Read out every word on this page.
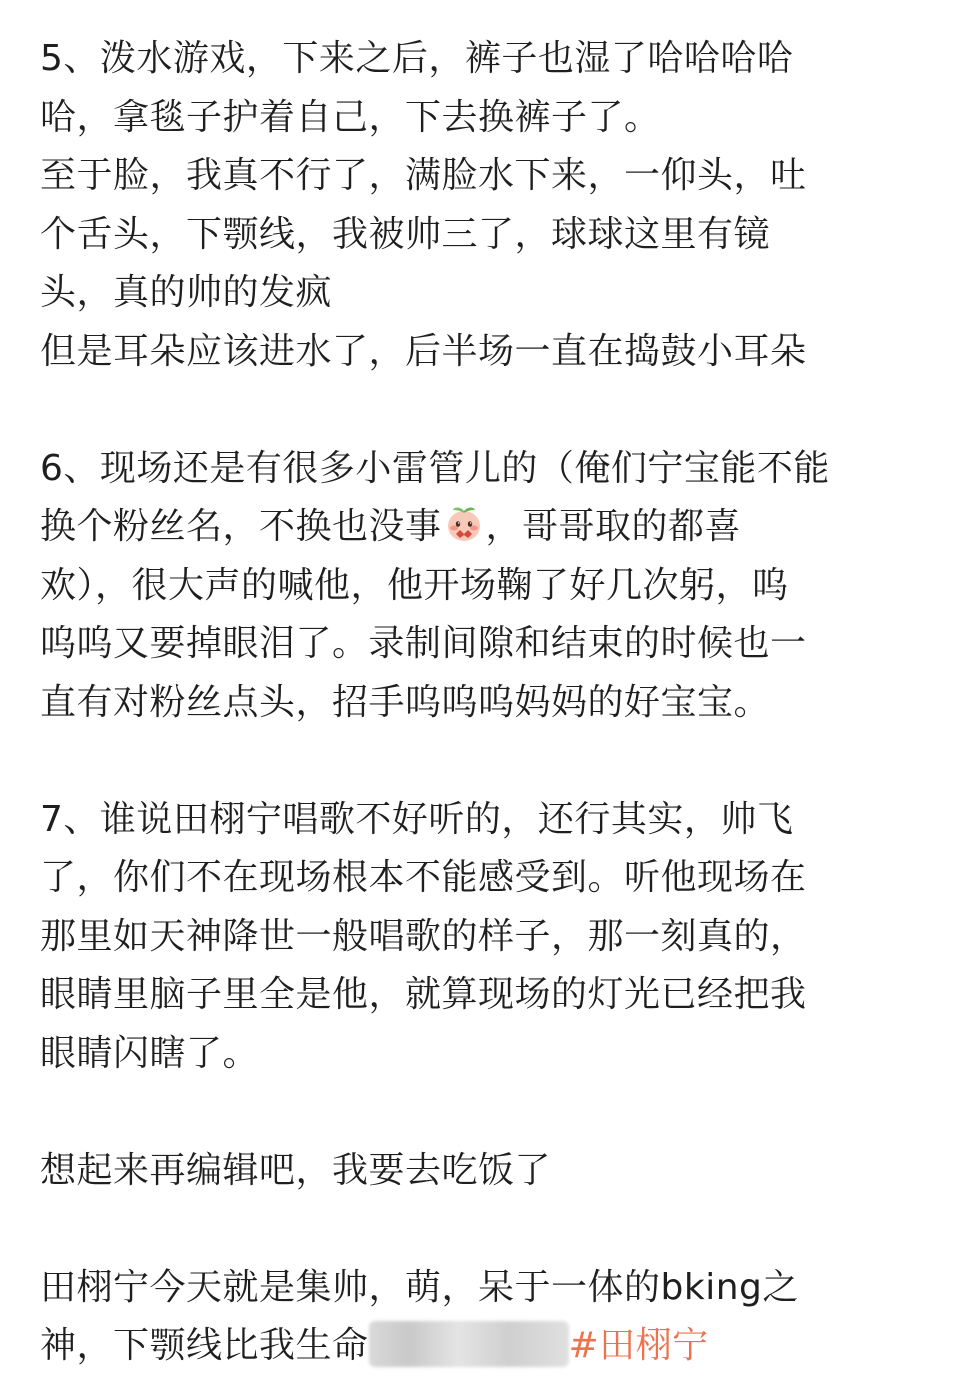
5、泼水游戏，下来之后，裤子也湿了哈哈哈哈
哈，拿毯子护着自己，下去换裤子了。
至于脸，我真不行了，满脸水下来，一仰头，吐
个舌头，下颚线，我被帅三了，球球这里有镜
头，真的帅的发疯
但是耳朵应该进水了，后半场一直在捣鼓小耳朵
6、现场还是有很多小雷管儿的（俺们宁宝能不能
换个粉丝名，不换也没事 ，哥哥取的都喜
欢），很大声的喊他，他开场鞠了好几次躬，呜
呜呜又要掉眼泪了。录制间隙和结束的时候也一
直有对粉丝点头，招手呜呜呜妈妈的好宝宝。
7、谁说田栩宁唱歌不好听的，还行其实，帅飞
了，你们不在现场根本不能感受到。听他现场在
那里如天神降世一般唱歌的样子，那一刻真的，
眼睛里脑子里全是他，就算现场的灯光已经把我
眼睛闪瞎了。
想起来再编辑吧，我要去吃饭了
田栩宁今天就是集帅，萌，呆于一体的bking之
神，下颚线比我生命	#田栩宁
